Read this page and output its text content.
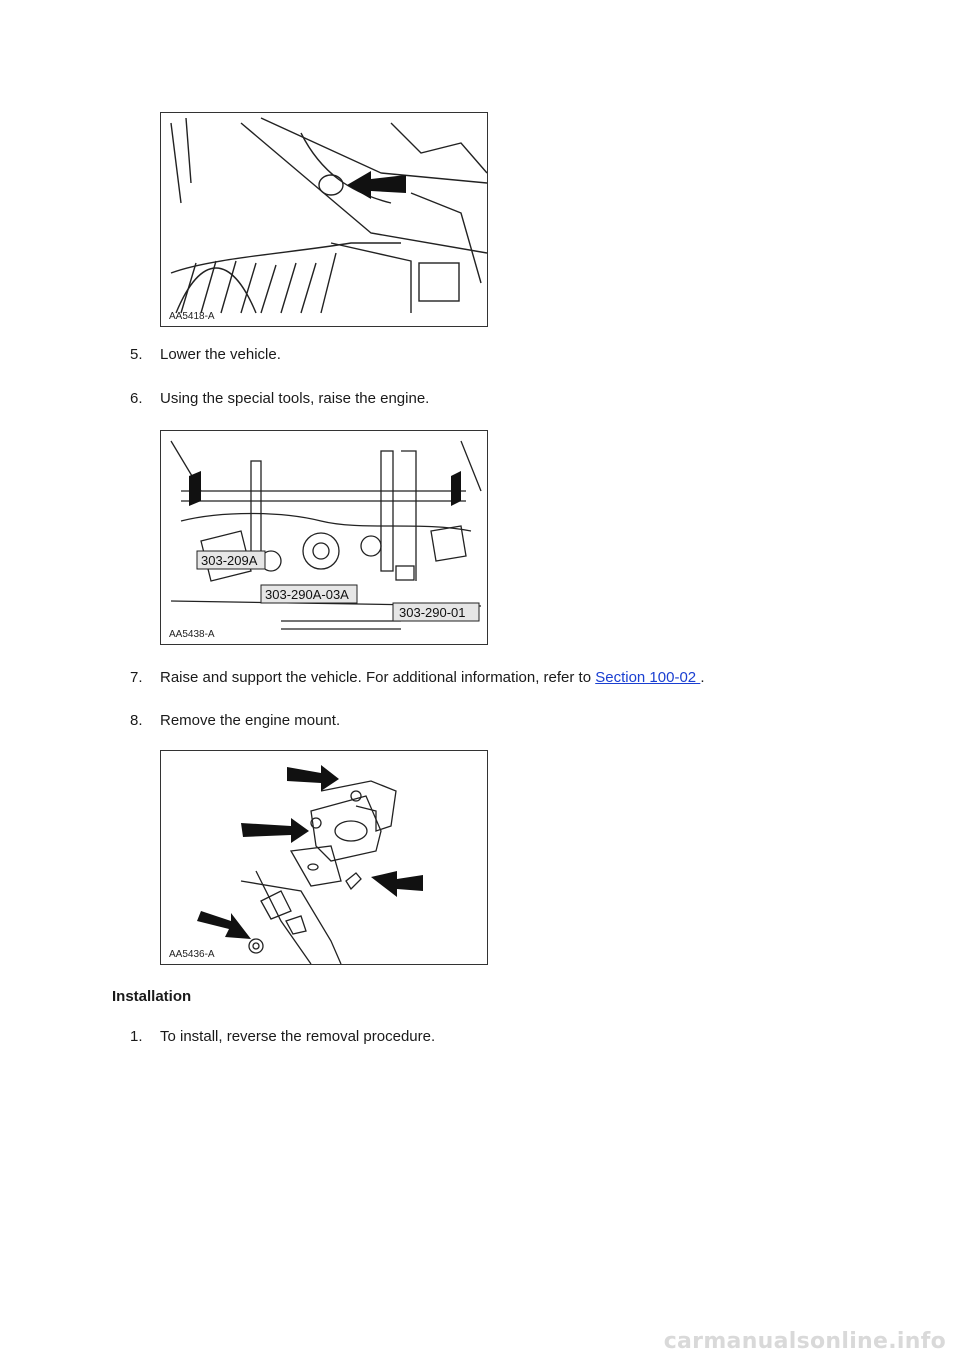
AA5418-A
5. Lower the vehicle.
6. Using the special tools, raise the engine.
303-209A
303-290A-03A
303-290-01
AA5438-A
7. Raise and support the vehicle. For additional information, refer to Section 100-02 .
8. Remove the engine mount.
AA5436-A
Installation
1. To install, reverse the removal procedure.
carmanualsonline.info
